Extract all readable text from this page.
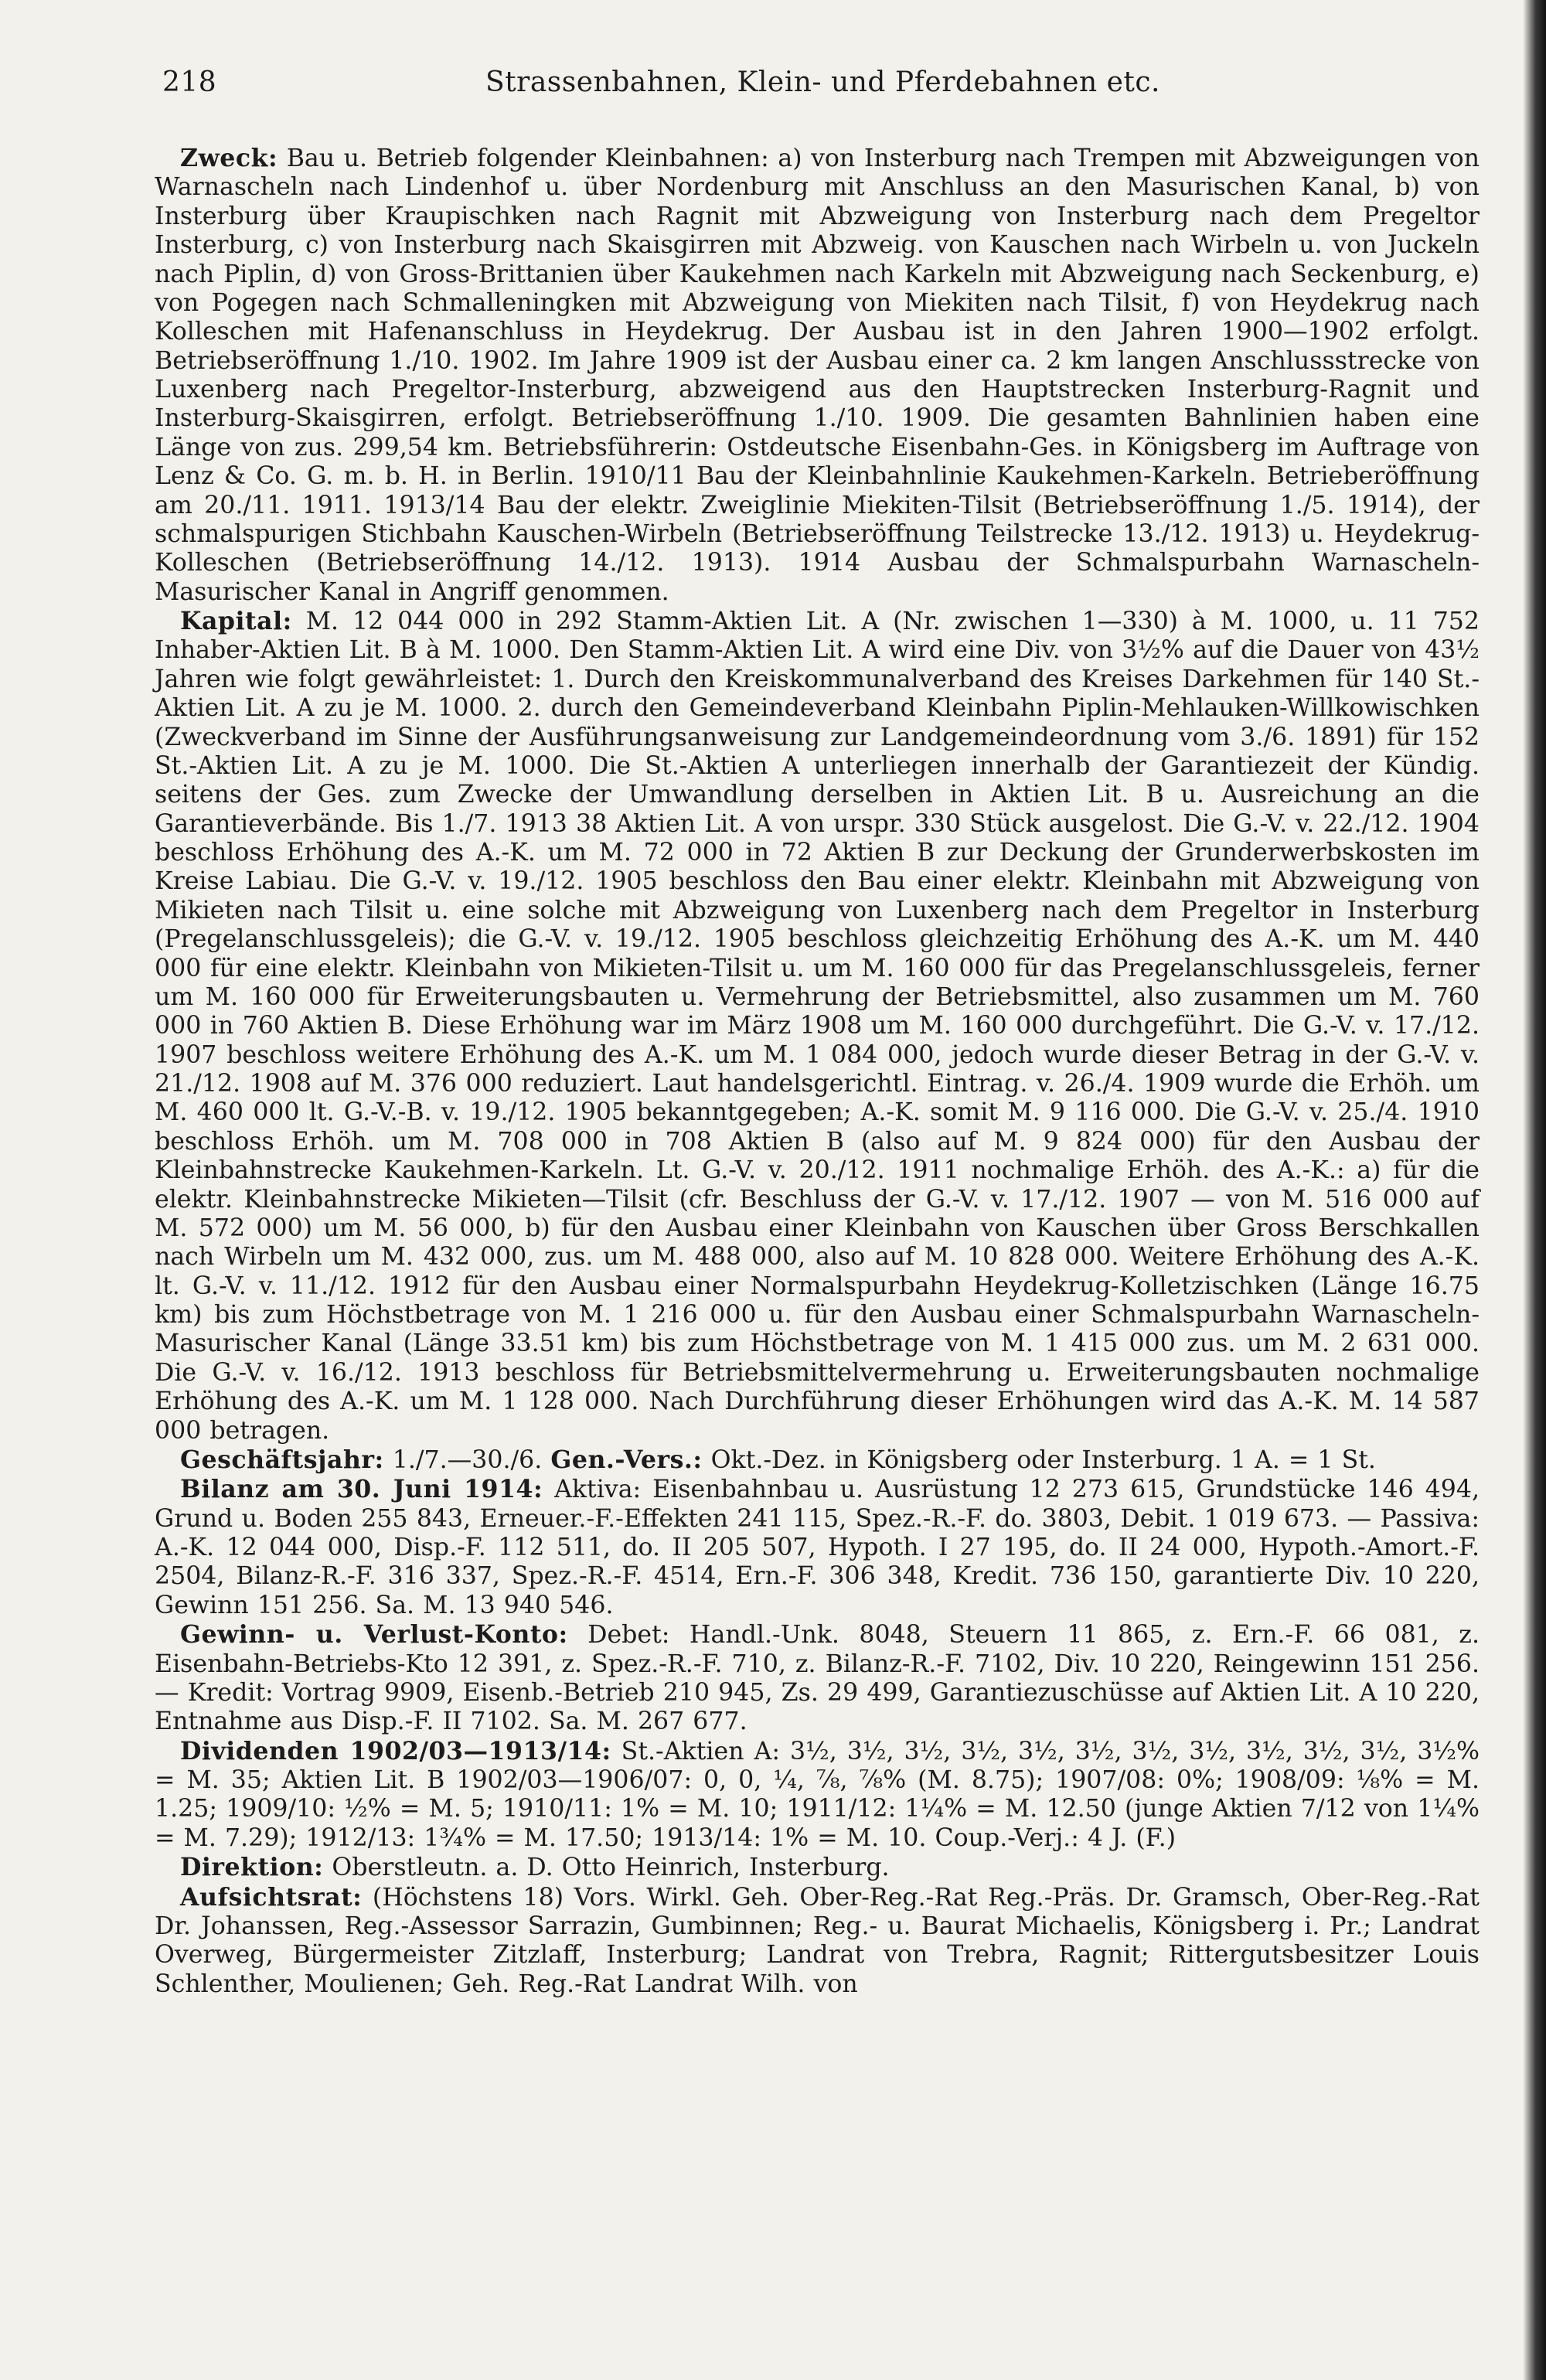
218	Strassenbahnen, Klein- und Pferdebahnen etc.

Zweck: Bau u. Betrieb folgender Kleinbahnen: a) von Insterburg nach Trempen mit Abzweigungen von Warnascheln nach Lindenhof u. über Nordenburg mit Anschluss an den Masurischen Kanal, b) von Insterburg über Kraupischken nach Ragnit mit Abzweigung von Insterburg nach dem Pregeltor Insterburg, c) von Insterburg nach Skaisgirren mit Abzweig. von Kauschen nach Wirbeln u. von Juckeln nach Piplin, d) von Gross-Brittanien über Kaukehmen nach Karkeln mit Abzweigung nach Seckenburg, e) von Pogegen nach Schmalleningken mit Abzweigung von Miekiten nach Tilsit, f) von Heydekrug nach Kolleschen mit Hafenanschluss in Heydekrug. Der Ausbau ist in den Jahren 1900—1902 erfolgt. Betriebseröffnung 1./10. 1902. Im Jahre 1909 ist der Ausbau einer ca. 2 km langen Anschlussstrecke von Luxenberg nach Pregeltor-Insterburg, abzweigend aus den Hauptstrecken Insterburg-Ragnit und Insterburg-Skaisgirren, erfolgt. Betriebseröffnung 1./10. 1909. Die gesamten Bahnlinien haben eine Länge von zus. 299,54 km. Betriebsführerin: Ostdeutsche Eisenbahn-Ges. in Königsberg im Auftrage von Lenz & Co. G. m. b. H. in Berlin. 1910/11 Bau der Kleinbahnlinie Kaukehmen-Karkeln. Betrieberöffnung am 20./11. 1911. 1913/14 Bau der elektr. Zweiglinie Miekiten-Tilsit (Betriebseröffnung 1./5. 1914), der schmalspurigen Stichbahn Kauschen-Wirbeln (Betriebseröffnung Teilstrecke 13./12. 1913) u. Heydekrug-Kolleschen (Betriebseröffnung 14./12. 1913). 1914 Ausbau der Schmalspurbahn Warnascheln-Masurischer Kanal in Angriff genommen.

Kapital: M. 12 044 000 in 292 Stamm-Aktien Lit. A (Nr. zwischen 1—330) à M. 1000, u. 11 752 Inhaber-Aktien Lit. B à M. 1000. Den Stamm-Aktien Lit. A wird eine Div. von 3½% auf die Dauer von 43½ Jahren wie folgt gewährleistet: 1. Durch den Kreiskommunalverband des Kreises Darkehmen für 140 St.-Aktien Lit. A zu je M. 1000. 2. durch den Gemeindeverband Kleinbahn Piplin-Mehlauken-Willkowischken (Zweckverband im Sinne der Ausführungsanweisung zur Landgemeindeordnung vom 3./6. 1891) für 152 St.-Aktien Lit. A zu je M. 1000. Die St.-Aktien A unterliegen innerhalb der Garantiezeit der Kündig. seitens der Ges. zum Zwecke der Umwandlung derselben in Aktien Lit. B u. Ausreichung an die Garantieverbände. Bis 1./7. 1913 38 Aktien Lit. A von urspr. 330 Stück ausgelost. Die G.-V. v. 22./12. 1904 beschloss Erhöhung des A.-K. um M. 72 000 in 72 Aktien B zur Deckung der Grunderwerbskosten im Kreise Labiau. Die G.-V. v. 19./12. 1905 beschloss den Bau einer elektr. Kleinbahn mit Abzweigung von Mikieten nach Tilsit u. eine solche mit Abzweigung von Luxenberg nach dem Pregeltor in Insterburg (Pregelanschlussgeleis); die G.-V. v. 19./12. 1905 beschloss gleichzeitig Erhöhung des A.-K. um M. 440 000 für eine elektr. Kleinbahn von Mikieten-Tilsit u. um M. 160 000 für das Pregelanschlussgeleis, ferner um M. 160 000 für Erweiterungsbauten u. Vermehrung der Betriebsmittel, also zusammen um M. 760 000 in 760 Aktien B. Diese Erhöhung war im März 1908 um M. 160 000 durchgeführt. Die G.-V. v. 17./12. 1907 beschloss weitere Erhöhung des A.-K. um M. 1 084 000, jedoch wurde dieser Betrag in der G.-V. v. 21./12. 1908 auf M. 376 000 reduziert. Laut handelsgerichtl. Eintrag. v. 26./4. 1909 wurde die Erhöh. um M. 460 000 lt. G.-V.-B. v. 19./12. 1905 bekanntgegeben; A.-K. somit M. 9 116 000. Die G.-V. v. 25./4. 1910 beschloss Erhöh. um M. 708 000 in 708 Aktien B (also auf M. 9 824 000) für den Ausbau der Kleinbahnstrecke Kaukehmen-Karkeln. Lt. G.-V. v. 20./12. 1911 nochmalige Erhöh. des A.-K.: a) für die elektr. Kleinbahnstrecke Mikieten—Tilsit (cfr. Beschluss der G.-V. v. 17./12. 1907 — von M. 516 000 auf M. 572 000) um M. 56 000, b) für den Ausbau einer Kleinbahn von Kauschen über Gross Berschkallen nach Wirbeln um M. 432 000, zus. um M. 488 000, also auf M. 10 828 000. Weitere Erhöhung des A.-K. lt. G.-V. v. 11./12. 1912 für den Ausbau einer Normalspurbahn Heydekrug-Kolletzischken (Länge 16.75 km) bis zum Höchstbetrage von M. 1 216 000 u. für den Ausbau einer Schmalspurbahn Warnascheln-Masurischer Kanal (Länge 33.51 km) bis zum Höchstbetrage von M. 1 415 000 zus. um M. 2 631 000. Die G.-V. v. 16./12. 1913 beschloss für Betriebsmittelvermehrung u. Erweiterungsbauten nochmalige Erhöhung des A.-K. um M. 1 128 000. Nach Durchführung dieser Erhöhungen wird das A.-K. M. 14 587 000 betragen.

Geschäftsjahr: 1./7.—30./6. Gen.-Vers.: Okt.-Dez. in Königsberg oder Insterburg. 1 A. = 1 St.

Bilanz am 30. Juni 1914: Aktiva: Eisenbahnbau u. Ausrüstung 12 273 615, Grundstücke 146 494, Grund u. Boden 255 843, Erneuer.-F.-Effekten 241 115, Spez.-R.-F. do. 3803, Debit. 1 019 673. — Passiva: A.-K. 12 044 000, Disp.-F. 112 511, do. II 205 507, Hypoth. I 27 195, do. II 24 000, Hypoth.-Amort.-F. 2504, Bilanz-R.-F. 316 337, Spez.-R.-F. 4514, Ern.-F. 306 348, Kredit. 736 150, garantierte Div. 10 220, Gewinn 151 256. Sa. M. 13 940 546.

Gewinn- u. Verlust-Konto: Debet: Handl.-Unk. 8048, Steuern 11 865, z. Ern.-F. 66 081, z. Eisenbahn-Betriebs-Kto 12 391, z. Spez.-R.-F. 710, z. Bilanz-R.-F. 7102, Div. 10 220, Reingewinn 151 256. — Kredit: Vortrag 9909, Eisenb.-Betrieb 210 945, Zs. 29 499, Garantiezuschüsse auf Aktien Lit. A 10 220, Entnahme aus Disp.-F. II 7102. Sa. M. 267 677.

Dividenden 1902/03—1913/14: St.-Aktien A: 3½, 3½, 3½, 3½, 3½, 3½, 3½, 3½, 3½, 3½, 3½, 3½% = M. 35; Aktien Lit. B 1902/03—1906/07: 0, 0, ¼, ⅞, ⅞% (M. 8.75); 1907/08: 0%; 1908/09: ⅛% = M. 1.25; 1909/10: ½% = M. 5; 1910/11: 1% = M. 10; 1911/12: 1¼% = M. 12.50 (junge Aktien 7/12 von 1¼% = M. 7.29); 1912/13: 1¾% = M. 17.50; 1913/14: 1% = M. 10. Coup.-Verj.: 4 J. (F.)

Direktion: Oberstleutn. a. D. Otto Heinrich, Insterburg.

Aufsichtsrat: (Höchstens 18) Vors. Wirkl. Geh. Ober-Reg.-Rat Reg.-Präs. Dr. Gramsch, Ober-Reg.-Rat Dr. Johanssen, Reg.-Assessor Sarrazin, Gumbinnen; Reg.- u. Baurat Michaelis, Königsberg i. Pr.; Landrat Overweg, Bürgermeister Zitzlaff, Insterburg; Landrat von Trebra, Ragnit; Rittergutsbesitzer Louis Schlenther, Moulienen; Geh. Reg.-Rat Landrat Wilh. von
